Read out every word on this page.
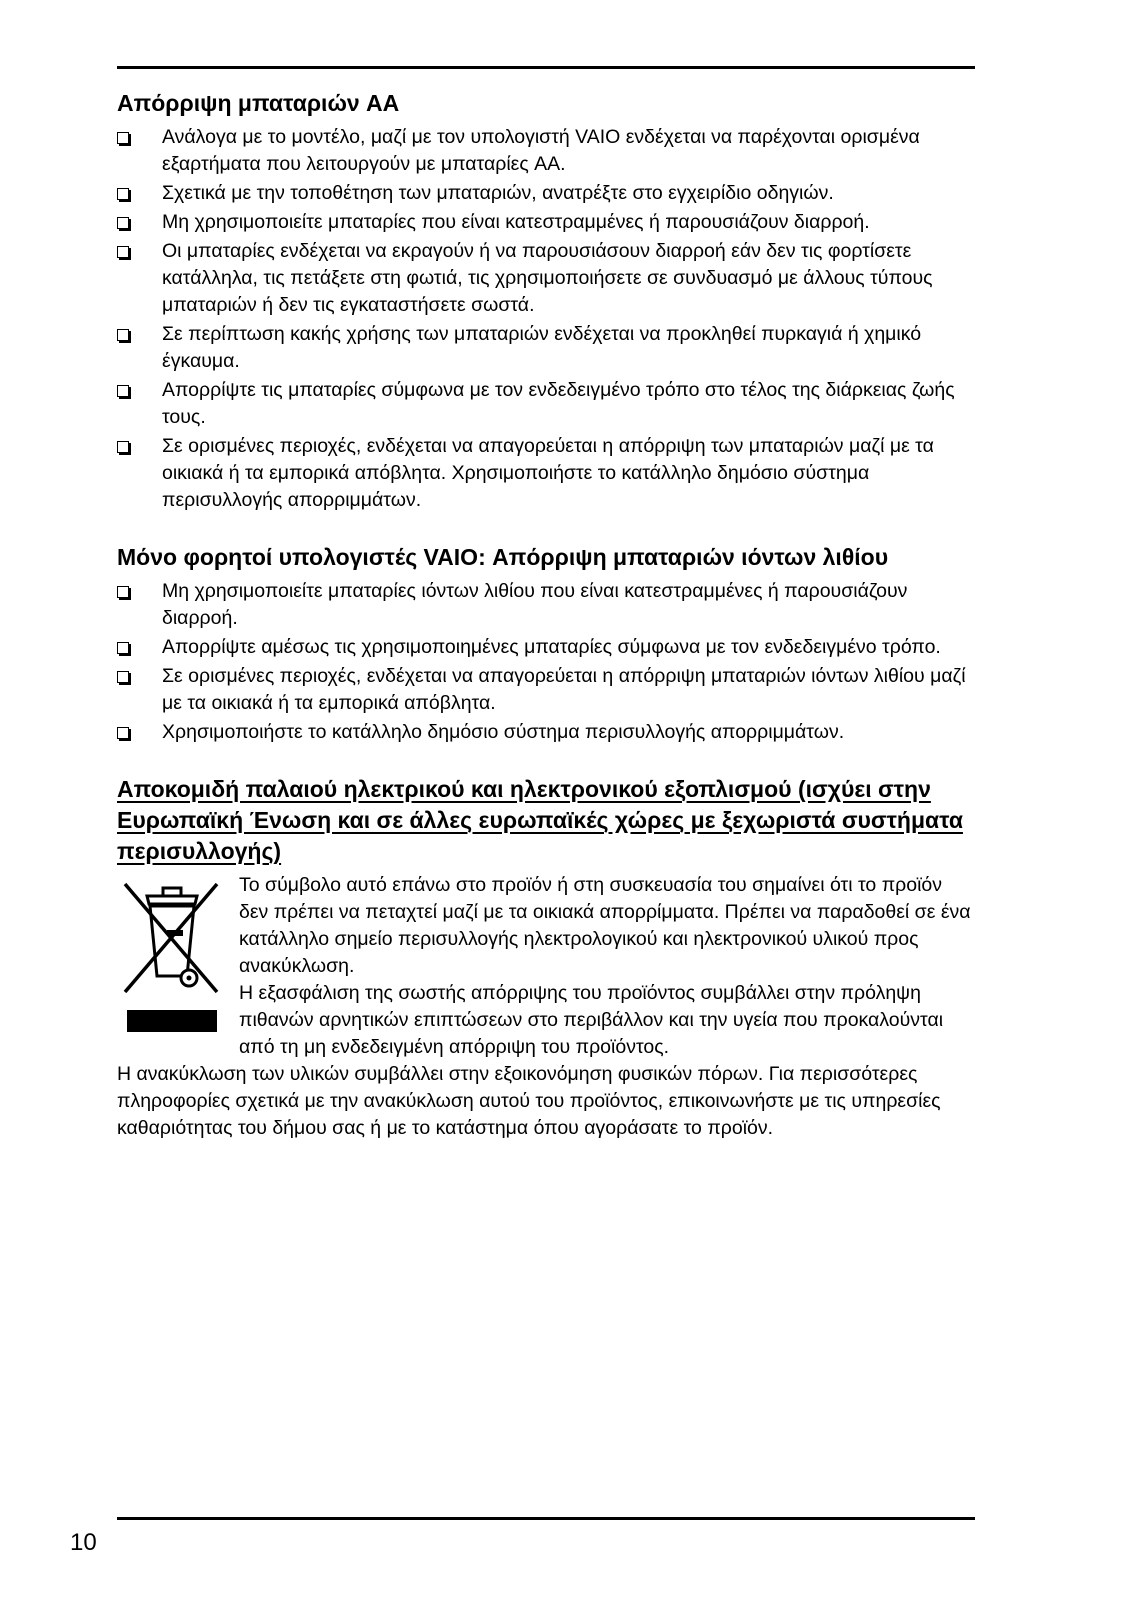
Απόρριψη μπαταριών AA
Ανάλογα με το μοντέλο, μαζί με τον υπολογιστή VAIO ενδέχεται να παρέχονται ορισμένα εξαρτήματα που λειτουργούν με μπαταρίες AA.
Σχετικά με την τοποθέτηση των μπαταριών, ανατρέξτε στο εγχειρίδιο οδηγιών.
Μη χρησιμοποιείτε μπαταρίες που είναι κατεστραμμένες ή παρουσιάζουν διαρροή.
Οι μπαταρίες ενδέχεται να εκραγούν ή να παρουσιάσουν διαρροή εάν δεν τις φορτίσετε κατάλληλα, τις πετάξετε στη φωτιά, τις χρησιμοποιήσετε σε συνδυασμό με άλλους τύπους μπαταριών ή δεν τις εγκαταστήσετε σωστά.
Σε περίπτωση κακής χρήσης των μπαταριών ενδέχεται να προκληθεί πυρκαγιά ή χημικό έγκαυμα.
Απορρίψτε τις μπαταρίες σύμφωνα με τον ενδεδειγμένο τρόπο στο τέλος της διάρκειας ζωής τους.
Σε ορισμένες περιοχές, ενδέχεται να απαγορεύεται η απόρριψη των μπαταριών μαζί με τα οικιακά ή τα εμπορικά απόβλητα. Χρησιμοποιήστε το κατάλληλο δημόσιο σύστημα περισυλλογής απορριμμάτων.
Μόνο φορητοί υπολογιστές VAIO: Απόρριψη μπαταριών ιόντων λιθίου
Μη χρησιμοποιείτε μπαταρίες ιόντων λιθίου που είναι κατεστραμμένες ή παρουσιάζουν διαρροή.
Απορρίψτε αμέσως τις χρησιμοποιημένες μπαταρίες σύμφωνα με τον ενδεδειγμένο τρόπο.
Σε ορισμένες περιοχές, ενδέχεται να απαγορεύεται η απόρριψη μπαταριών ιόντων λιθίου μαζί με τα οικιακά ή τα εμπορικά απόβλητα.
Χρησιμοποιήστε το κατάλληλο δημόσιο σύστημα περισυλλογής απορριμμάτων.
Αποκομιδή παλαιού ηλεκτρικού και ηλεκτρονικού εξοπλισμού (ισχύει στην Ευρωπαϊκή Ένωση και σε άλλες ευρωπαϊκές χώρες με ξεχωριστά συστήματα περισυλλογής)

Το σύμβολο αυτό επάνω στο προϊόν ή στη συσκευασία του σημαίνει ότι το προϊόν δεν πρέπει να πεταχτεί μαζί με τα οικιακά απορρίμματα. Πρέπει να παραδοθεί σε ένα κατάλληλο σημείο περισυλλογής ηλεκτρολογικού και ηλεκτρονικού υλικού προς ανακύκλωση.

Η εξασφάλιση της σωστής απόρριψης του προϊόντος συμβάλλει στην πρόληψη πιθανών αρνητικών επιπτώσεων στο περιβάλλον και την υγεία που προκαλούνται από τη μη ενδεδειγμένη απόρριψη του προϊόντος.

Η ανακύκλωση των υλικών συμβάλλει στην εξοικονόμηση φυσικών πόρων. Για περισσότερες πληροφορίες σχετικά με την ανακύκλωση αυτού του προϊόντος, επικοινωνήστε με τις υπηρεσίες καθαριότητας του δήμου σας ή με το κατάστημα όπου αγοράσατε το προϊόν.

10
